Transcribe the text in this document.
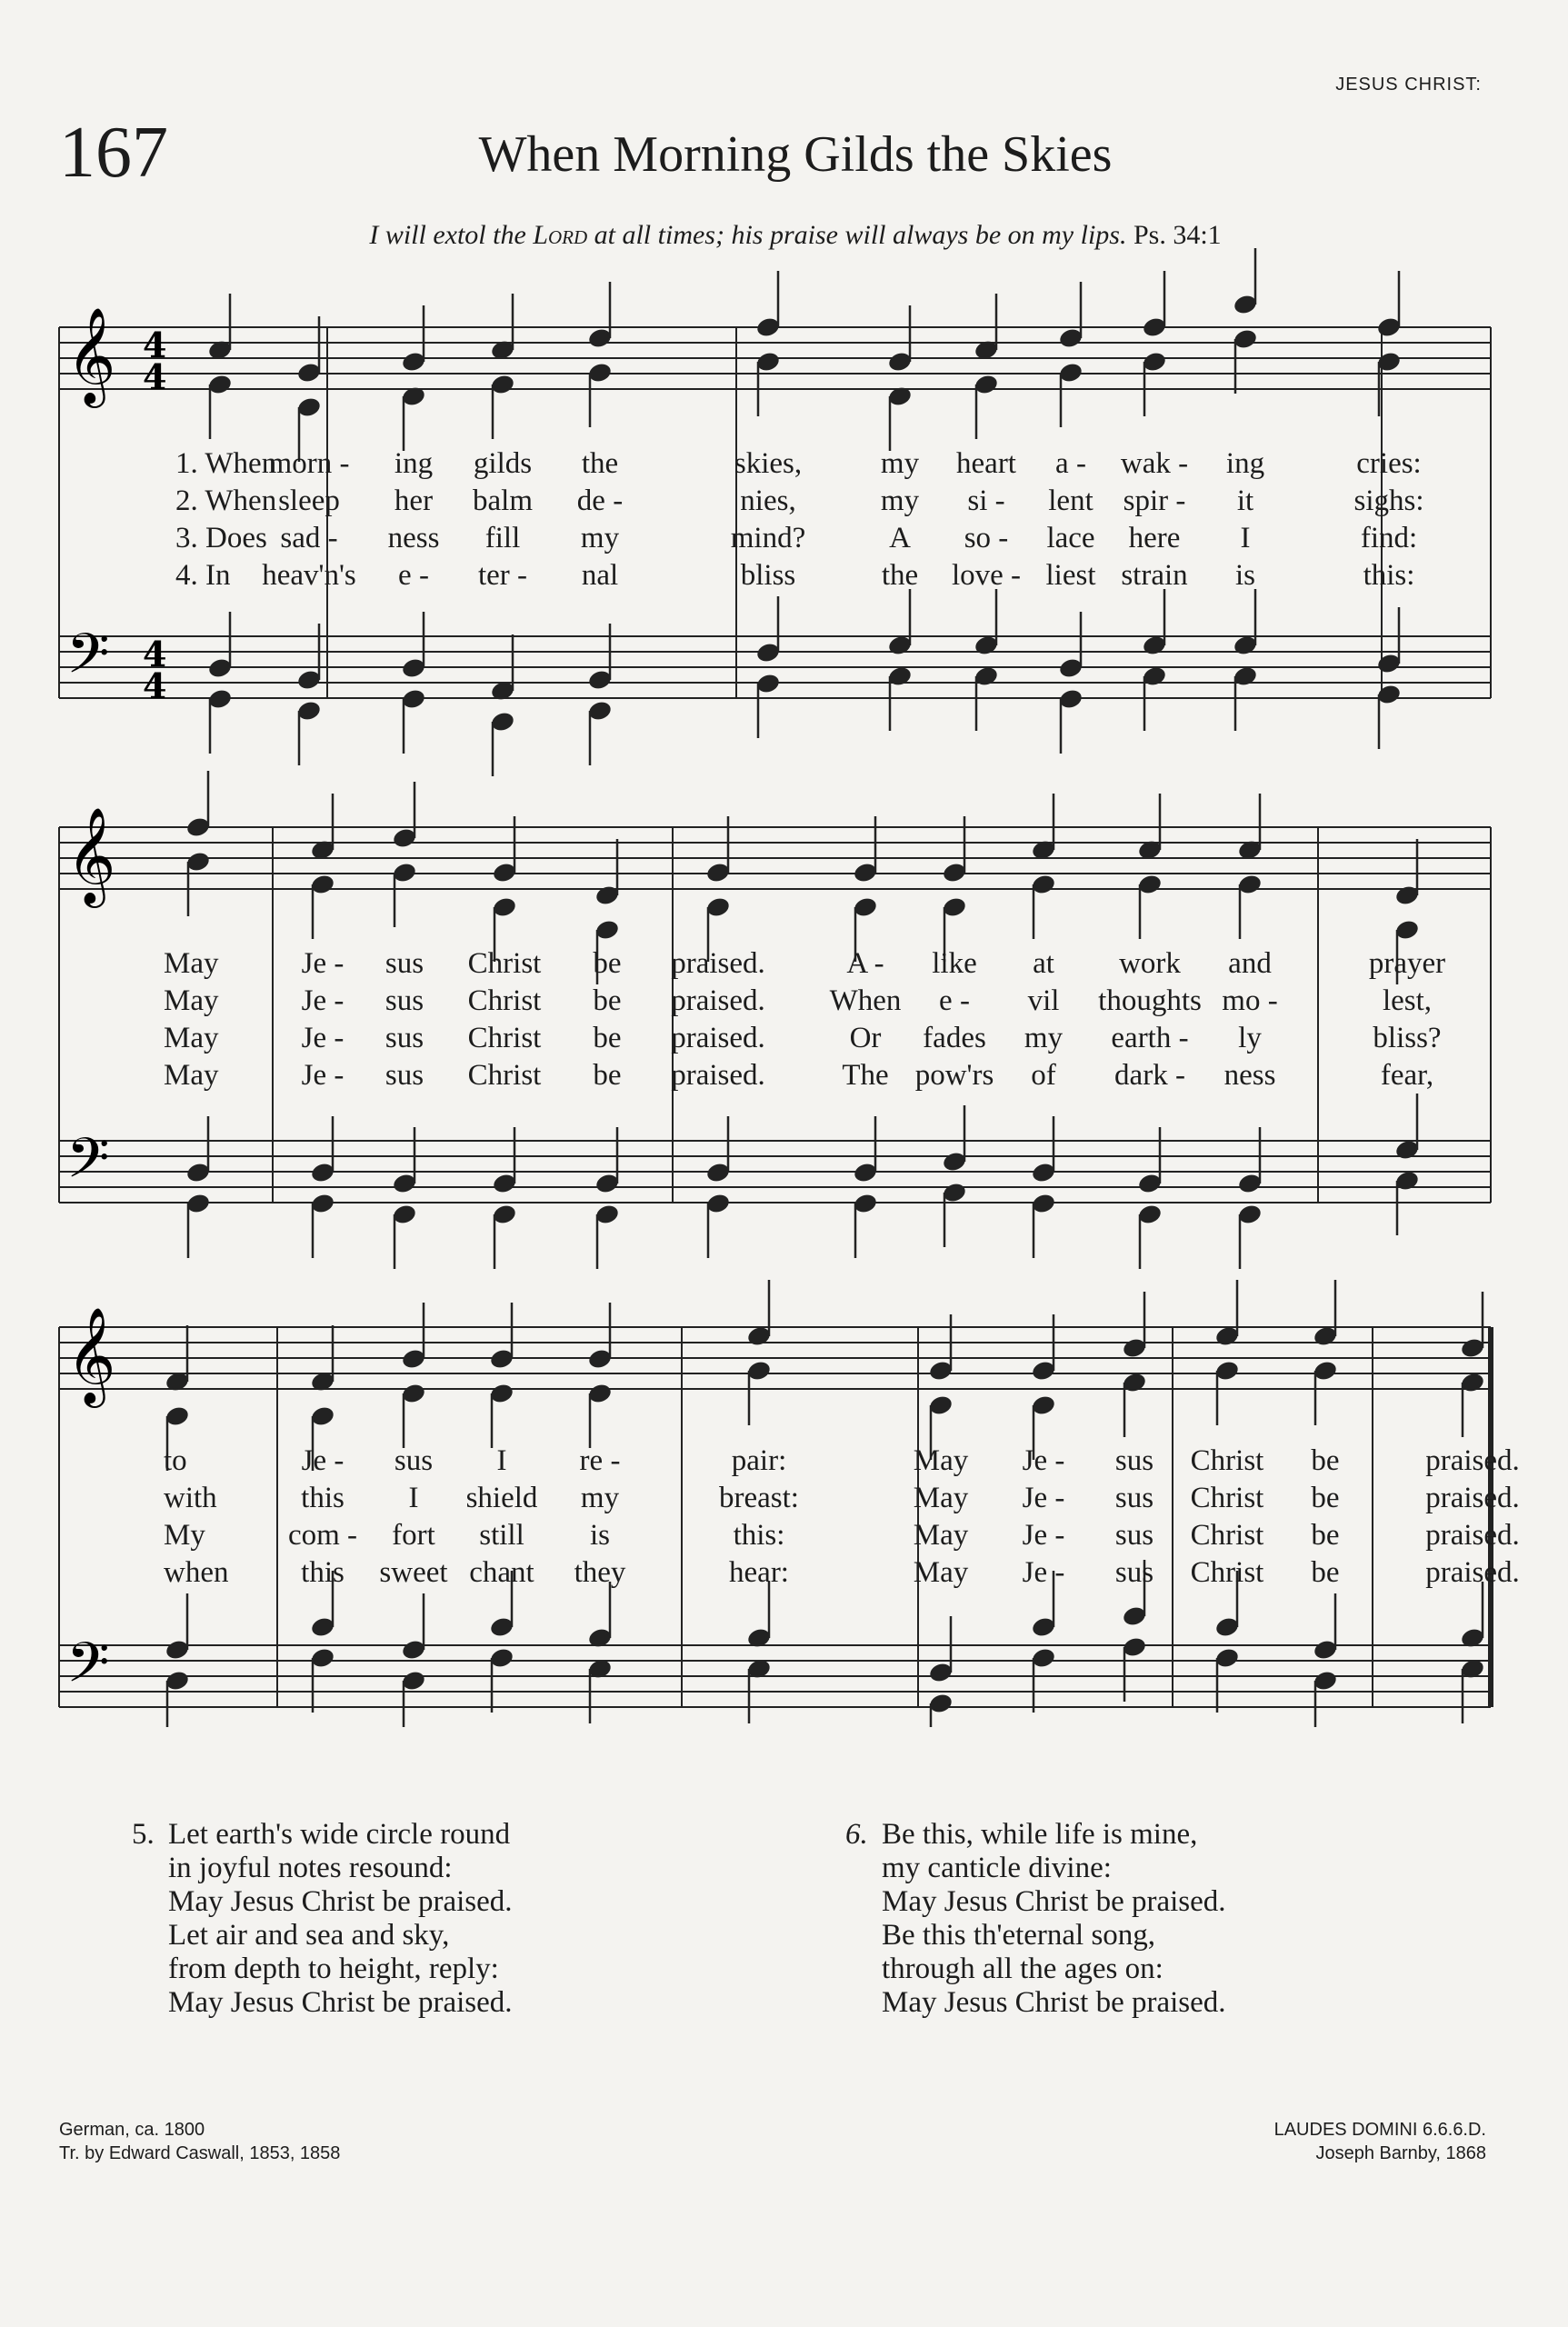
JESUS CHRIST:
167	When Morning Gilds the Skies
I will extol the Lord at all times; his praise will always be on my lips. Ps. 34:1
𝄞
𝄢
4
4
4
4
𝄞
𝄢
𝄞
𝄢
1. When
morn - ing gilds the	skies,	my heart a - wak - ing	cries:
2. When sleep her balm de -	nies,	my si - lent spir - it	sighs:
3. Does sad - ness fill my	mind?	A so - lace here I	find:
4. In heav'n's e - ter - nal	bliss	the love - liest strain is	this:
May	Je - sus Christ be praised.	A - like at work and	prayer
May	Je - sus Christ be praised. When e - vil thoughts mo -	lest,
May	Je - sus Christ be praised.	Or fades my earth - ly	bliss?
May	Je - sus Christ be praised.	The pow'rs of dark - ness	fear,
to	Je - sus I re -	pair:	May Je - sus Christ be	praised.
with	this I shield my	breast:	May Je - sus Christ be	praised.
My	com - fort still is	this:	May Je - sus Christ be	praised.
when this sweet chant they	hear:	May Je - sus Christ be	praised.
5. Let earth's wide circle round
in joyful notes resound:
May Jesus Christ be praised.
Let air and sea and sky,
from depth to height, reply:
May Jesus Christ be praised.
6. Be this, while life is mine,
my canticle divine:
May Jesus Christ be praised.
Be this th'eternal song,
through all the ages on:
May Jesus Christ be praised.
German, ca. 1800
Tr. by Edward Caswall, 1853, 1858
LAUDES DOMINI 6.6.6.D.
Joseph Barnby, 1868
